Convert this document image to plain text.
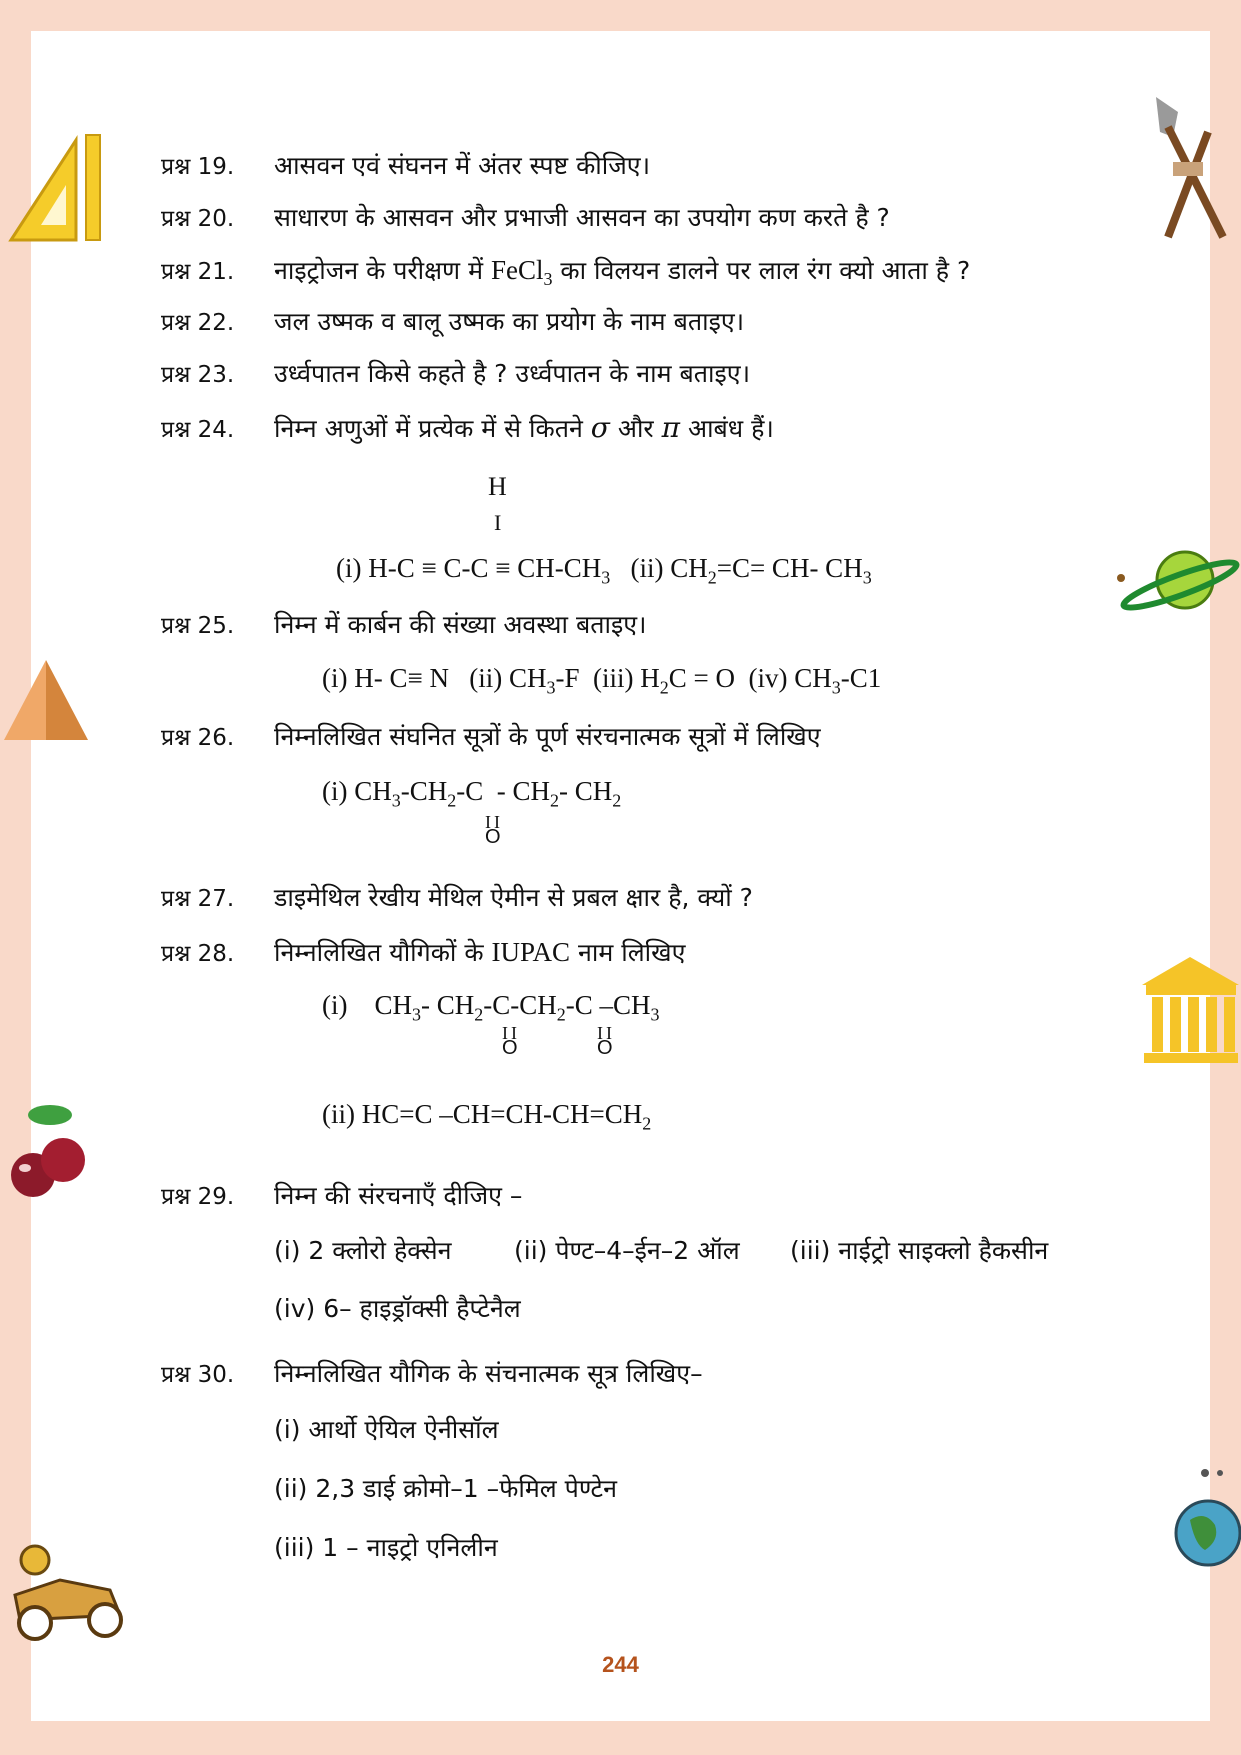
प्रश्न 19. आसवन एवं संघनन में अंतर स्पष्ट कीजिए।
प्रश्न 20. साधारण के आसवन और प्रभाजी आसवन का उपयोग कण करते है ?
प्रश्न 21. नाइट्रोजन के परीक्षण में FeCl$_3$ का विलयन डालने पर लाल रंग क्यो आता है ?
प्रश्न 22. जल उष्मक व बालू उष्मक का प्रयोग के नाम बताइए।
प्रश्न 23. उर्ध्वपातन किसे कहते है ? उर्ध्वपातन के नाम बताइए।
प्रश्न 24. निम्न अणुओं में प्रत्येक में से कितने σ और π आबंध हैं।
H
I
(i) $H-C \equiv C-C \equiv CH-CH_3$ (ii) $CH_2=C= CH-$ $CH_3$
प्रश्न 25. निम्न में कार्बन की संख्या अवस्था बताइए।
(i) H- C≡ N (ii) $CH_3-F$ (iii) $H_2C = O$ (iv) $CH_3-C1$
प्रश्न 26. निम्नलिखित संघनित सूत्रों के पूर्ण संरचनात्मक सूत्रों में लिखिए
(i) $CH_3-CH_2-C - CH_2-$ $CH_2$
II
O
प्रश्न 27. डाइमेथिल रेखीय मेथिल ऐमीन से प्रबल क्षार है, क्यों ?
प्रश्न 28. निम्नलिखित यौगिकों के IUPAC नाम लिखिए
(i) $CH_3-$ $CH_2-C-CH_2-C$ $-CH_3$
II
O
II
O
(ii) HC=C $-CH=CH-CH=CH_2$
प्रश्न 29. निम्न की संरचनाएँ दीजिए –
(i) 2 क्लोरो हेक्सेन	(ii) पेण्ट–4–ईन–2 ऑल (iii) नाईट्रो साइक्लो हैकसीन
(iv) 6– हाइड्रॉक्सी हैप्टेनैल
प्रश्न 30. निम्नलिखित यौगिक के संचनात्मक सूत्र लिखिए–
(i) आर्थो ऐयिल ऐनीसॉल
(ii) 2,3 डाई क्रोमो–1 –फेमिल पेण्टेन
(iii) 1 – नाइट्रो एनिलीन
244
